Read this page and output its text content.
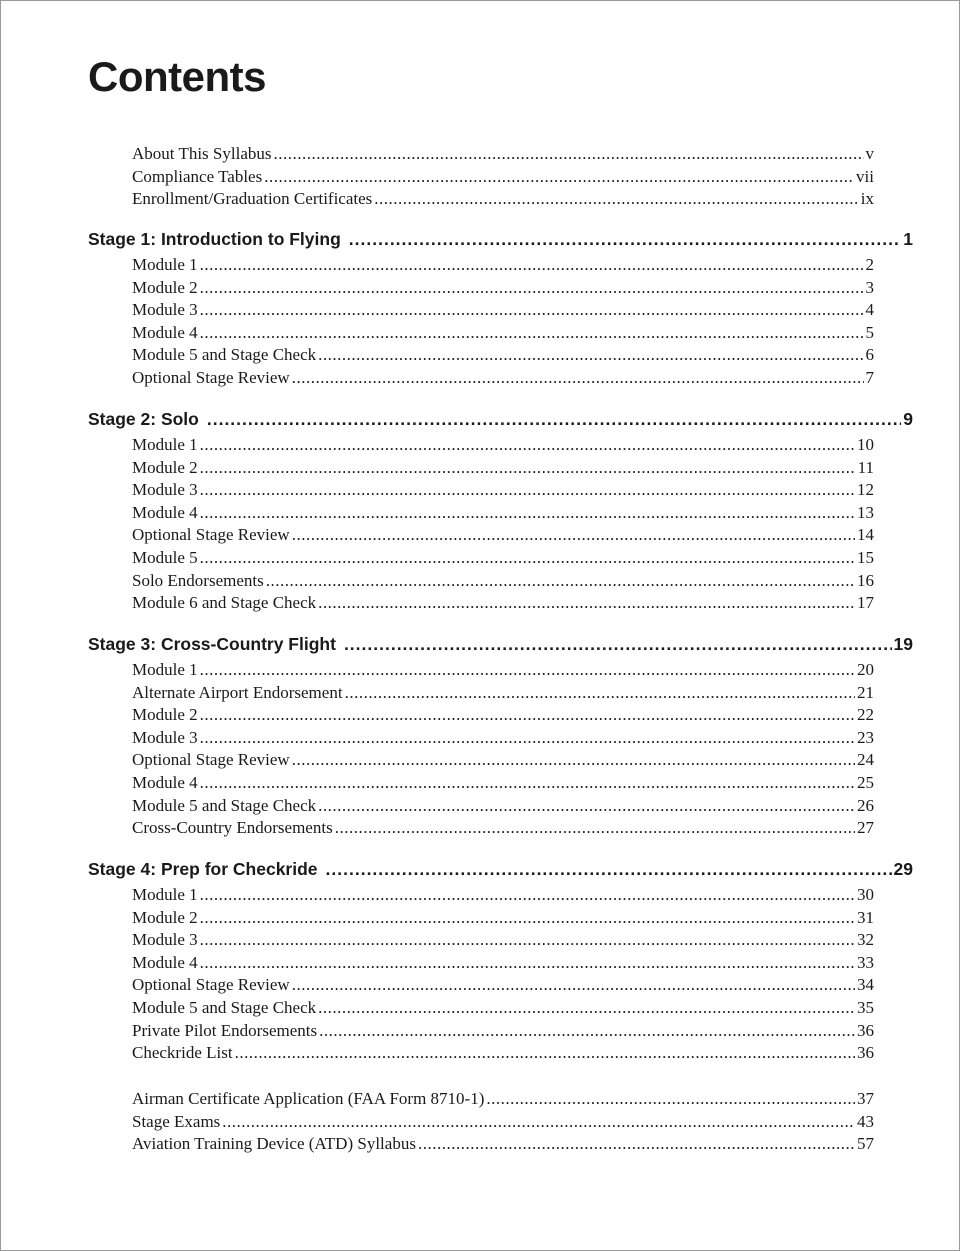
Contents
About This Syllabus .....	v
Compliance Tables .....	vii
Enrollment/Graduation Certificates .....	ix
Stage 1: Introduction to Flying .....	1
Module 1 .....	2
Module 2 .....	3
Module 3 .....	4
Module 4 .....	5
Module 5 and Stage Check .....	6
Optional Stage Review .....	7
Stage 2: Solo .....	9
Module 1 .....	10
Module 2 .....	11
Module 3 .....	12
Module 4 .....	13
Optional Stage Review .....	14
Module 5 .....	15
Solo Endorsements .....	16
Module 6 and Stage Check .....	17
Stage 3: Cross-Country Flight .....	19
Module 1 .....	20
Alternate Airport Endorsement .....	21
Module 2 .....	22
Module 3 .....	23
Optional Stage Review .....	24
Module 4 .....	25
Module 5 and Stage Check .....	26
Cross-Country Endorsements .....	27
Stage 4: Prep for Checkride .....	29
Module 1 .....	30
Module 2 .....	31
Module 3 .....	32
Module 4 .....	33
Optional Stage Review .....	34
Module 5 and Stage Check .....	35
Private Pilot Endorsements .....	36
Checkride List .....	36
Airman Certificate Application (FAA Form 8710-1) .....	37
Stage Exams .....	43
Aviation Training Device (ATD) Syllabus .....	57
